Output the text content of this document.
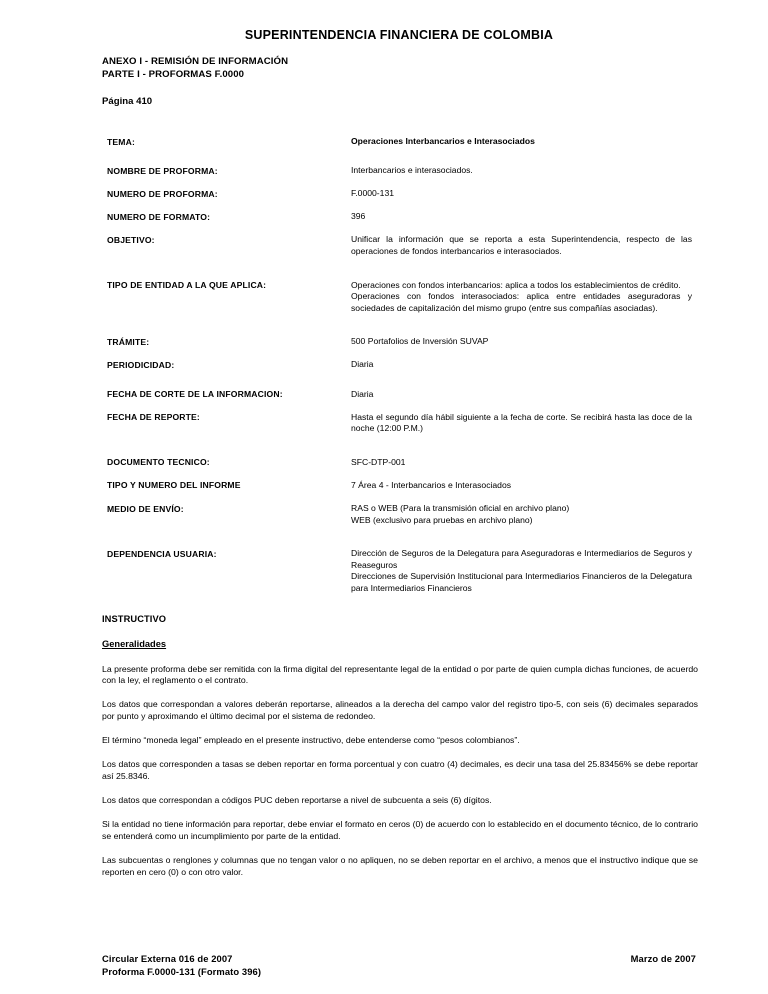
SUPERINTENDENCIA FINANCIERA DE COLOMBIA
ANEXO I - REMISIÓN DE INFORMACIÓN
PARTE I - PROFORMAS F.0000
Página 410
TEMA:	Operaciones Interbancarios e Interasociados
NOMBRE DE PROFORMA:	Interbancarios e interasociados.
NUMERO DE PROFORMA:	F.0000-131
NUMERO DE FORMATO:	396
OBJETIVO:	Unificar la información que se reporta a esta Superintendencia, respecto de las operaciones de fondos interbancarios e interasociados.

TIPO DE ENTIDAD A LA QUE APLICA:	Operaciones con fondos interbancarios: aplica a todos los establecimientos de crédito.

Operaciones con fondos interasociados: aplica entre entidades aseguradoras y sociedades de capitalización del mismo grupo (entre sus compañías asociadas).

TRÁMITE:	500 Portafolios de Inversión SUVAP
PERIODICIDAD:	Diaria
FECHA DE CORTE DE LA INFORMACION:	Diaria
FECHA DE REPORTE:	Hasta el segundo día hábil siguiente a la fecha de corte. Se recibirá hasta las doce de la noche (12:00 P.M.)

DOCUMENTO TECNICO:	SFC-DTP-001
TIPO Y NUMERO DEL INFORME	7 Área 4 - Interbancarios e Interasociados
MEDIO DE ENVÍO:	RAS o WEB (Para la transmisión oficial en archivo plano)

WEB (exclusivo para pruebas en archivo plano)

DEPENDENCIA USUARIA:	Dirección de Seguros de la Delegatura para Aseguradoras e Intermediarios de Seguros y Reaseguros

Direcciones de Supervisión Institucional para Intermediarios Financieros de la Delegatura para Intermediarios Financieros

INSTRUCTIVO
Generalidades

La presente proforma debe ser remitida con la firma digital del representante legal de la entidad o por parte de quien cumpla dichas funciones, de acuerdo con la ley, el reglamento o el contrato.

Los datos que correspondan a valores deberán reportarse, alineados a la derecha del campo valor del registro tipo-5, con seis (6) decimales separados por punto y aproximando el último decimal por el sistema de redondeo.

El término “moneda legal” empleado en el presente instructivo, debe entenderse como “pesos colombianos”.

Los datos que corresponden a tasas se deben reportar en forma porcentual y con cuatro (4) decimales, es decir una tasa del 25.83456% se debe reportar así 25.8346.

Los datos que correspondan a códigos PUC deben reportarse a nivel de subcuenta a seis (6) dígitos.

Si la entidad no tiene información para reportar, debe enviar el formato en ceros (0) de acuerdo con lo establecido en el documento técnico, de lo contrario se entenderá como un incumplimiento por parte de la entidad.

Las subcuentas o renglones y columnas que no tengan valor o no apliquen, no se deben reportar en el archivo, a menos que el instructivo indique que se reporten en cero (0) o con otro valor.

Circular Externa 016 de 2007
Proforma F.0000-131 (Formato 396)
Marzo de 2007
